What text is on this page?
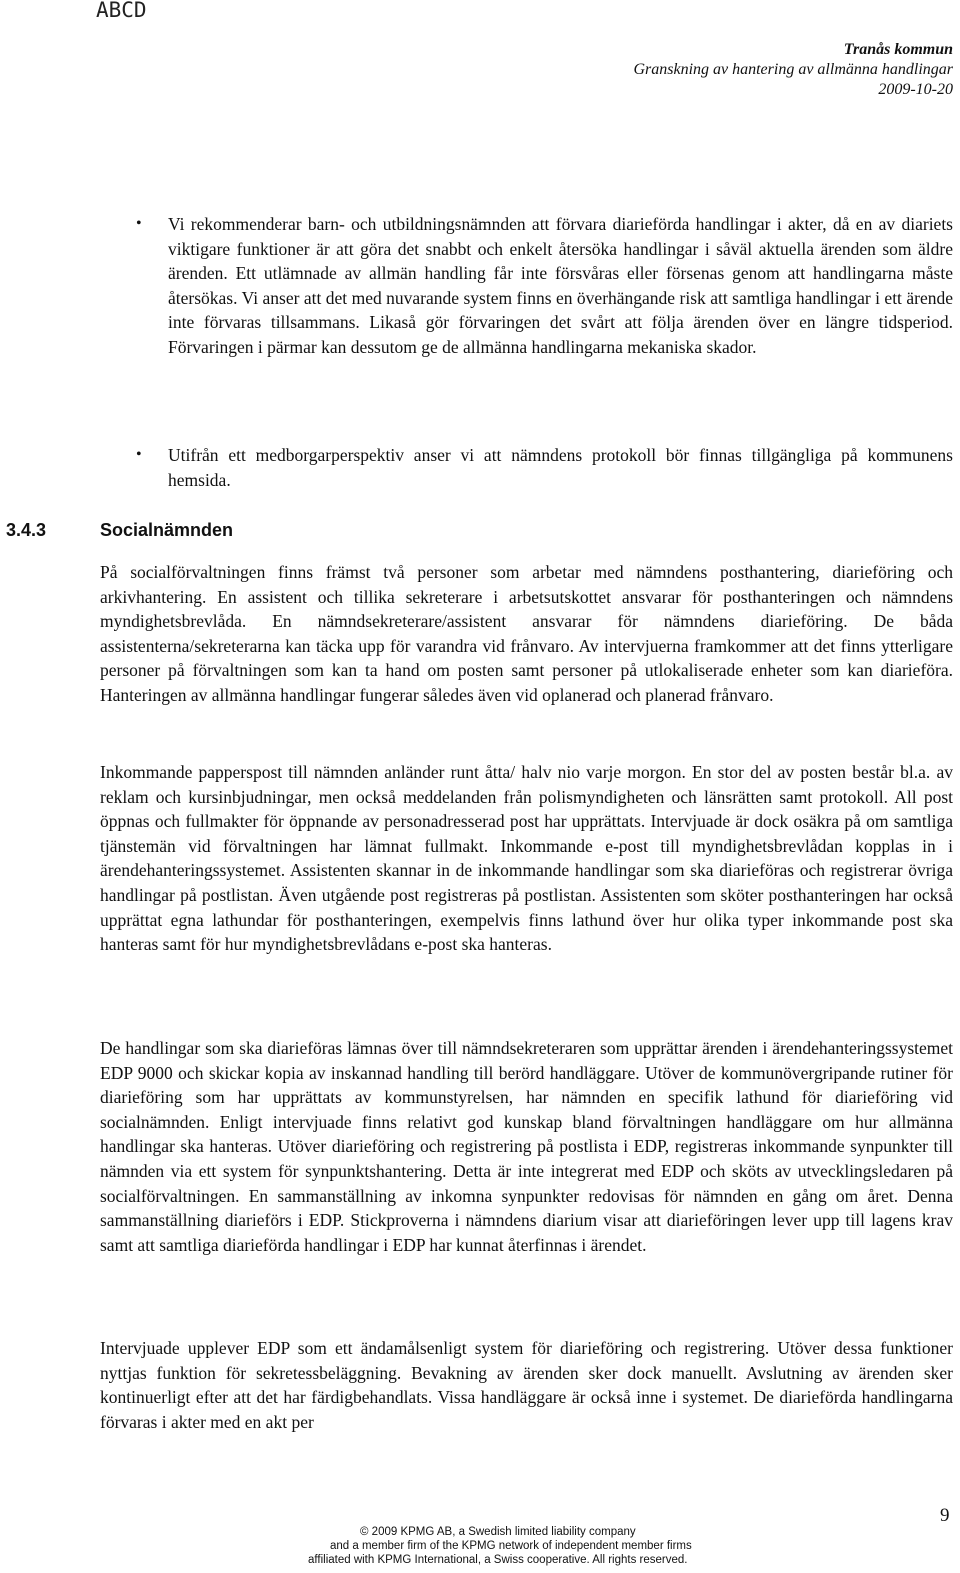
ABCD
Tranås kommun
Granskning av hantering av allmänna handlingar
2009-10-20
• Vi rekommenderar barn- och utbildningsnämnden att förvara diarieförda handlingar i akter, då en av diariets viktigare funktioner är att göra det snabbt och enkelt återsöka handlingar i såväl aktuella ärenden som äldre ärenden. Ett utlämnade av allmän handling får inte försvåras eller försenas genom att handlingarna måste återsökas. Vi anser att det med nuvarande system finns en överhängande risk att samtliga handlingar i ett ärende inte förvaras tillsammans. Likaså gör förvaringen det svårt att följa ärenden över en längre tidsperiod. Förvaringen i pärmar kan dessutom ge de allmänna handlingarna mekaniska skador.
• Utifrån ett medborgarperspektiv anser vi att nämndens protokoll bör finnas tillgängliga på kommunens hemsida.
3.4.3	Socialnämnden
På socialförvaltningen finns främst två personer som arbetar med nämndens posthantering, diarieföring och arkivhantering. En assistent och tillika sekreterare i arbetsutskottet ansvarar för posthanteringen och nämndens myndighetsbrevlåda. En nämndsekreterare/assistent ansvarar för nämndens diarieföring. De båda assistenterna/sekreterarna kan täcka upp för varandra vid frånvaro. Av intervjuerna framkommer att det finns ytterligare personer på förvaltningen som kan ta hand om posten samt personer på utlokaliserade enheter som kan diarieföra. Hanteringen av allmänna handlingar fungerar således även vid oplanerad och planerad frånvaro.
Inkommande papperspost till nämnden anländer runt åtta/ halv nio varje morgon. En stor del av posten består bl.a. av reklam och kursinbjudningar, men också meddelanden från polismyndigheten och länsrätten samt protokoll. All post öppnas och fullmakter för öppnande av personadresserad post har upprättats. Intervjuade är dock osäkra på om samtliga tjänstemän vid förvaltningen har lämnat fullmakt. Inkommande e-post till myndighetsbrevlådan kopplas in i ärendehanteringssystemet. Assistenten skannar in de inkommande handlingar som ska diarieföras och registrerar övriga handlingar på postlistan. Även utgående post registreras på postlistan. Assistenten som sköter posthanteringen har också upprättat egna lathundar för posthanteringen, exempelvis finns lathund över hur olika typer inkommande post ska hanteras samt för hur myndighetsbrevlådans e-post ska hanteras.
De handlingar som ska diarieföras lämnas över till nämndsekreteraren som upprättar ärenden i ärendehanteringssystemet EDP 9000 och skickar kopia av inskannad handling till berörd handläggare. Utöver de kommunövergripande rutiner för diarieföring som har upprättats av kommunstyrelsen, har nämnden en specifik lathund för diarieföring vid socialnämnden. Enligt intervjuade finns relativt god kunskap bland förvaltningen handläggare om hur allmänna handlingar ska hanteras. Utöver diarieföring och registrering på postlista i EDP, registreras inkommande synpunkter till nämnden via ett system för synpunktshantering. Detta är inte integrerat med EDP och sköts av utvecklingsledaren på socialförvaltningen. En sammanställning av inkomna synpunkter redovisas för nämnden en gång om året. Denna sammanställning diarieförs i EDP. Stickproverna i nämndens diarium visar att diarieföringen lever upp till lagens krav samt att samtliga diarieförda handlingar i EDP har kunnat återfinnas i ärendet.
Intervjuade upplever EDP som ett ändamålsenligt system för diarieföring och registrering. Utöver dessa funktioner nyttjas funktion för sekretessbeläggning. Bevakning av ärenden sker dock manuellt. Avslutning av ärenden sker kontinuerligt efter att det har färdigbehandlats. Vissa handläggare är också inne i systemet. De diarieförda handlingarna förvaras i akter med en akt per
9
© 2009 KPMG AB, a Swedish limited liability company
and a member firm of the KPMG network of independent member firms
affiliated with KPMG International, a Swiss cooperative. All rights reserved.
